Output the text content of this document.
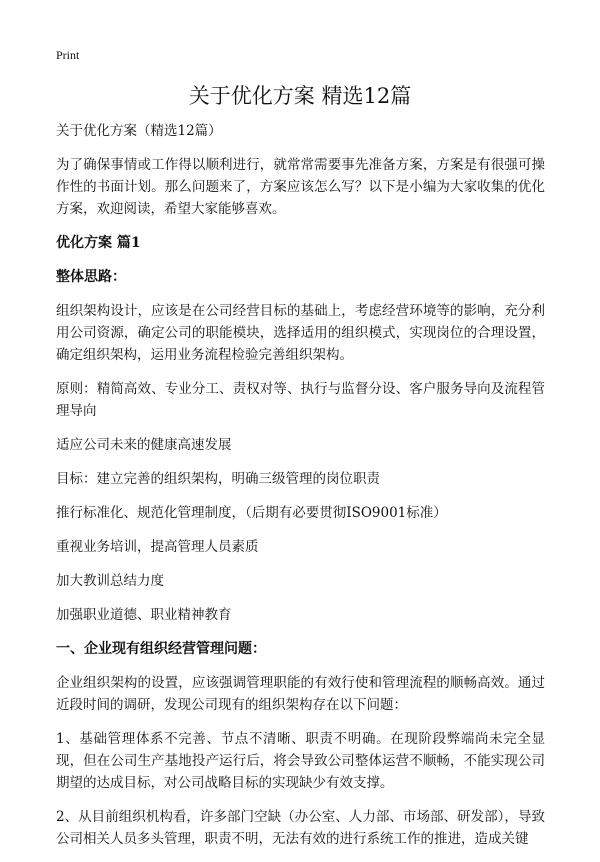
Print
关于优化方案 精选12篇

关于优化方案（精选12篇）

为了确保事情或工作得以顺利进行，就常常需要事先准备方案，方案是有很强可操作性的书面计划。那么问题来了，方案应该怎么写？以下是小编为大家收集的优化方案，欢迎阅读，希望大家能够喜欢。

优化方案 篇1

整体思路：

组织架构设计，应该是在公司经营目标的基础上，考虑经营环境等的影响，充分利用公司资源，确定公司的职能模块，选择适用的组织模式，实现岗位的合理设置，确定组织架构，运用业务流程检验完善组织架构。

原则：精简高效、专业分工、责权对等、执行与监督分设、客户服务导向及流程管理导向

适应公司未来的健康高速发展

目标：建立完善的组织架构，明确三级管理的岗位职责

推行标准化、规范化管理制度，（后期有必要贯彻ISO9001标准）

重视业务培训，提高管理人员素质

加大教训总结力度

加强职业道德、职业精神教育

一、企业现有组织经营管理问题：

企业组织架构的设置，应该强调管理职能的有效行使和管理流程的顺畅高效。通过近段时间的调研，发现公司现有的组织架构存在以下问题：

1、基础管理体系不完善、节点不清晰、职责不明确。在现阶段弊端尚未完全显现，但在公司生产基地投产运行后，将会导致公司整体运营不顺畅，不能实现公司期望的达成目标，对公司战略目标的实现缺少有效支撑。

2、从目前组织机构看，许多部门空缺（办公室、人力部、市场部、研发部），导致公司相关人员多头管理，职责不明，无法有效的进行系统工作的推进，造成关键
